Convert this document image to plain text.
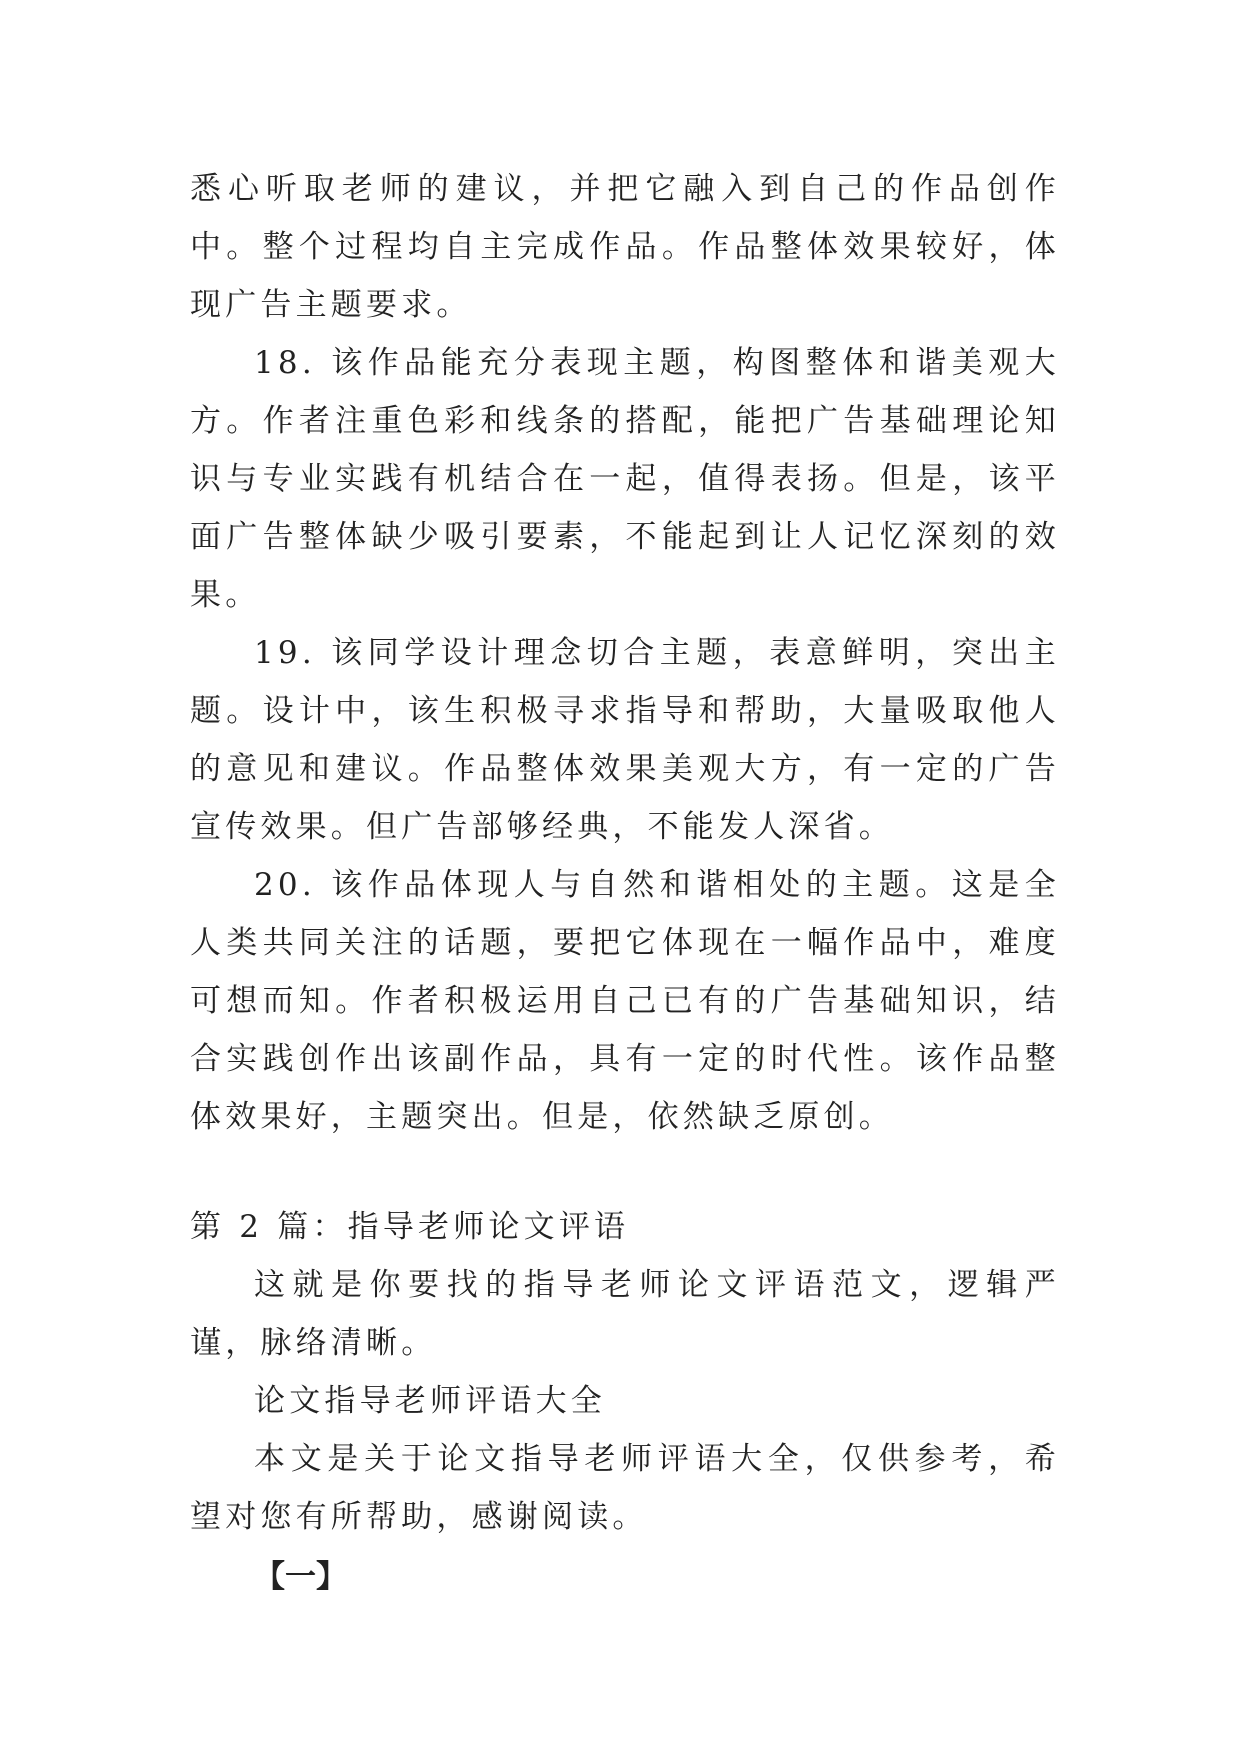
悉心听取老师的建议，并把它融入到自己的作品创作中。整个过程均自主完成作品。作品整体效果较好，体现广告主题要求。

18. 该作品能充分表现主题，构图整体和谐美观大方。作者注重色彩和线条的搭配，能把广告基础理论知识与专业实践有机结合在一起，值得表扬。但是，该平面广告整体缺少吸引要素，不能起到让人记忆深刻的效果。

19. 该同学设计理念切合主题，表意鲜明，突出主题。设计中，该生积极寻求指导和帮助，大量吸取他人的意见和建议。作品整体效果美观大方，有一定的广告宣传效果。但广告部够经典，不能发人深省。

20. 该作品体现人与自然和谐相处的主题。这是全人类共同关注的话题，要把它体现在一幅作品中，难度可想而知。作者积极运用自己已有的广告基础知识，结合实践创作出该副作品，具有一定的时代性。该作品整体效果好，主题突出。但是，依然缺乏原创。

第 2 篇：指导老师论文评语

这就是你要找的指导老师论文评语范文，逻辑严谨，脉络清晰。

论文指导老师评语大全

本文是关于论文指导老师评语大全，仅供参考，希望对您有所帮助，感谢阅读。

【一】
